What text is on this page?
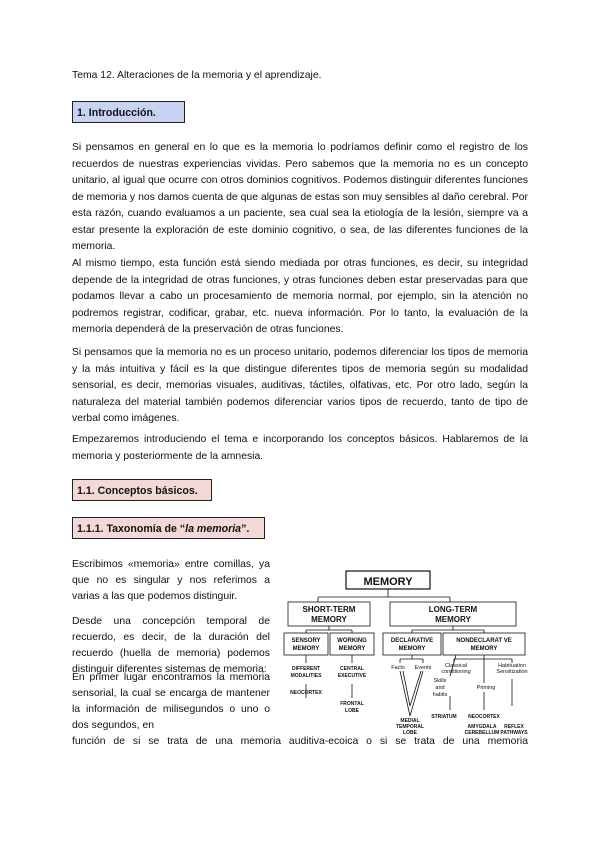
Tema 12. Alteraciones de la memoria y el aprendizaje.
1. Introducción.

Si pensamos en general en lo que es la memoria lo podríamos definir como el registro de los recuerdos de nuestras experiencias vividas. Pero sabemos que la memoria no es un concepto unitario, al igual que ocurre con otros dominios cognitivos. Podemos distinguir diferentes funciones de memoria y nos damos cuenta de que algunas de estas son muy sensibles al daño cerebral. Por esta razón, cuando evaluamos a un paciente, sea cual sea la etiología de la lesión, siempre va a estar presente la exploración de este dominio cognitivo, o sea, de las diferentes funciones de la memoria.

Al mismo tiempo, esta función está siendo mediada por otras funciones, es decir, su integridad depende de la integridad de otras funciones, y otras funciones deben estar preservadas para que podamos llevar a cabo un procesamiento de memoria normal, por ejemplo, sin la atención no podremos registrar, codificar, grabar, etc. nueva información. Por lo tanto, la evaluación de la memoria dependerá de la preservación de otras funciones.

Si pensamos que la memoria no es un proceso unitario, podemos diferenciar los tipos de memoria y la más intuitiva y fácil es la que distingue diferentes tipos de memoria según su modalidad sensorial, es decir, memorias visuales, auditivas, táctiles, olfativas, etc. Por otro lado, según la naturaleza del material también podemos diferenciar varios tipos de recuerdo, tanto de tipo de verbal como imágenes.

Empezaremos introduciendo el tema e incorporando los conceptos básicos. Hablaremos de la memoria y posteriormente de la amnesia.

1.1. Conceptos básicos.
1.1.1. Taxonomía de “la memoria”.

Escribimos «memoria» entre comillas, ya que no es singular y nos referimos a varias a las que podemos distinguir.

Desde una concepción temporal de recuerdo, es decir, de la duración del recuerdo (huella de memoria) podemos distinguir diferentes sistemas de memoria:

En primer lugar encontramos la memoria sensorial, la cual se encarga de mantener la información de milisegundos o uno o dos segundos, en

función de si se trata de una memoria auditiva-ecoica o si se trata de una memoria

MEMORY
SHORT-TERM
MEMORY
LONG-TERM
MEMORY
SENSORY
MEMORY
WORKING
MEMORY
DECLARATIVE
MEMORY
NONDECLARAT VE
MEMORY
DIFFERENT
MODALITIES
CENTRAL
EXECUTIVE
Facts Events Classical
conditioning
Habituation
Sensitization
Skills
and
habits
Priming
NEOCORTEX
FRONTAL
LOBE
MEDIAL
TEMPORAL
LOBE
STRIATUM NEOCORTEX
AMYGDALA
CEREBELLUM
REFLEX
PATHWAYS
